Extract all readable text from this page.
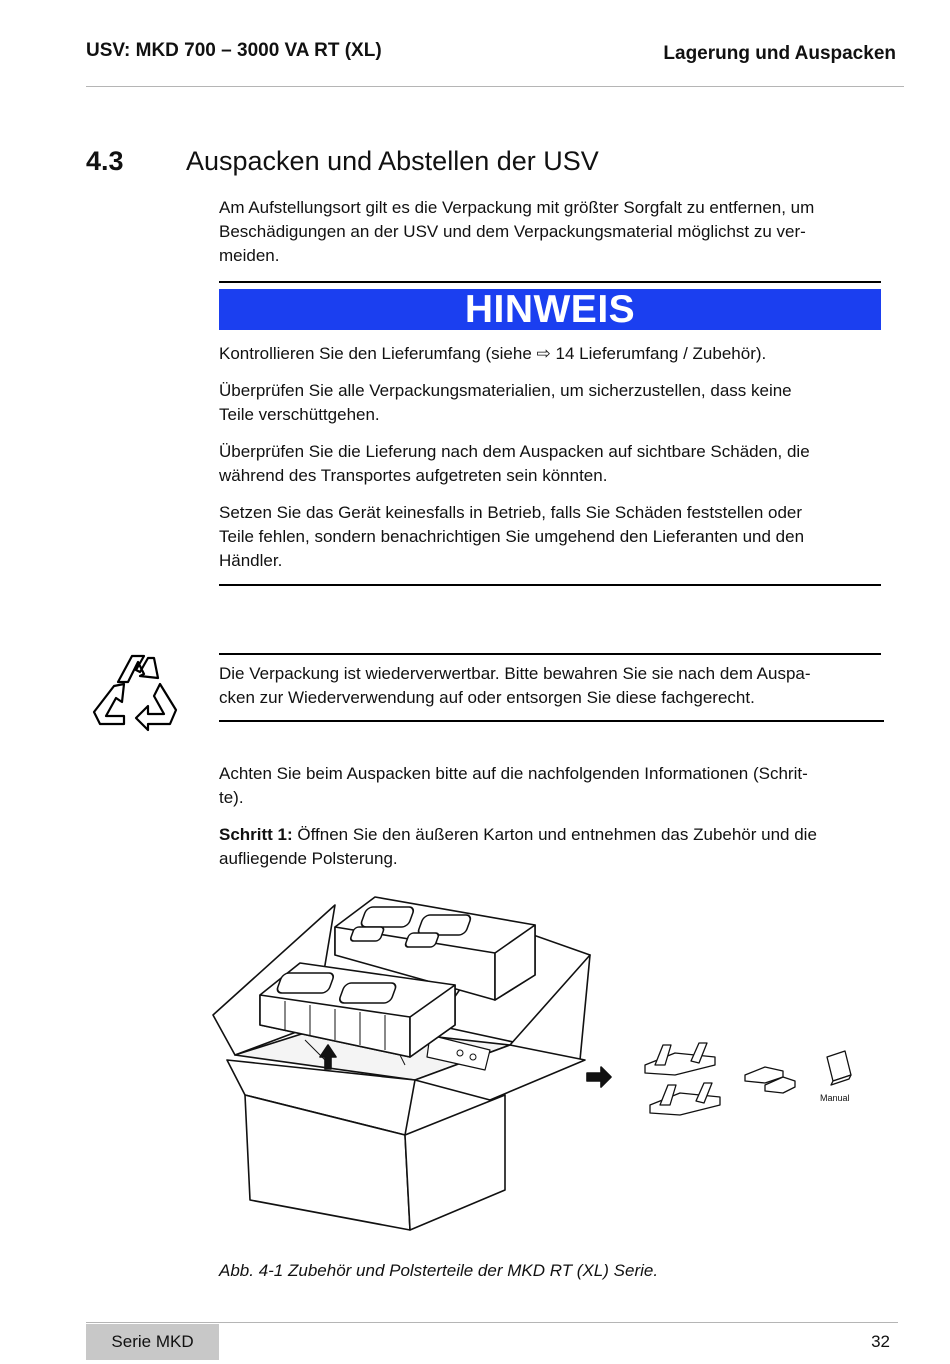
USV: MKD 700 – 3000 VA RT (XL)	Lagerung und Auspacken
4.3 Auspacken und Abstellen der USV
Am Aufstellungsort gilt es die Verpackung mit größter Sorgfalt zu entfernen, um
Beschädigungen an der USV und dem Verpackungsmaterial möglichst zu ver-
meiden.
HINWEIS
Kontrollieren Sie den Lieferumfang (siehe ⇨ 14 Lieferumfang / Zubehör).
Überprüfen Sie alle Verpackungsmaterialien, um sicherzustellen, dass keine
Teile verschüttgehen.
Überprüfen Sie die Lieferung nach dem Auspacken auf sichtbare Schäden, die
während des Transportes aufgetreten sein könnten.
Setzen Sie das Gerät keinesfalls in Betrieb, falls Sie Schäden feststellen oder
Teile fehlen, sondern benachrichtigen Sie umgehend den Lieferanten und den
Händler.
Die Verpackung ist wiederverwertbar. Bitte bewahren Sie sie nach dem Auspa-
cken zur Wiederverwendung auf oder entsorgen Sie diese fachgerecht.
Achten Sie beim Auspacken bitte auf die nachfolgenden Informationen (Schrit-
te).
Schritt 1: Öffnen Sie den äußeren Karton und entnehmen das Zubehör und die
aufliegende Polsterung.
Manual
Abb. 4-1 Zubehör und Polsterteile der MKD RT (XL) Serie.
Serie MKD	32
